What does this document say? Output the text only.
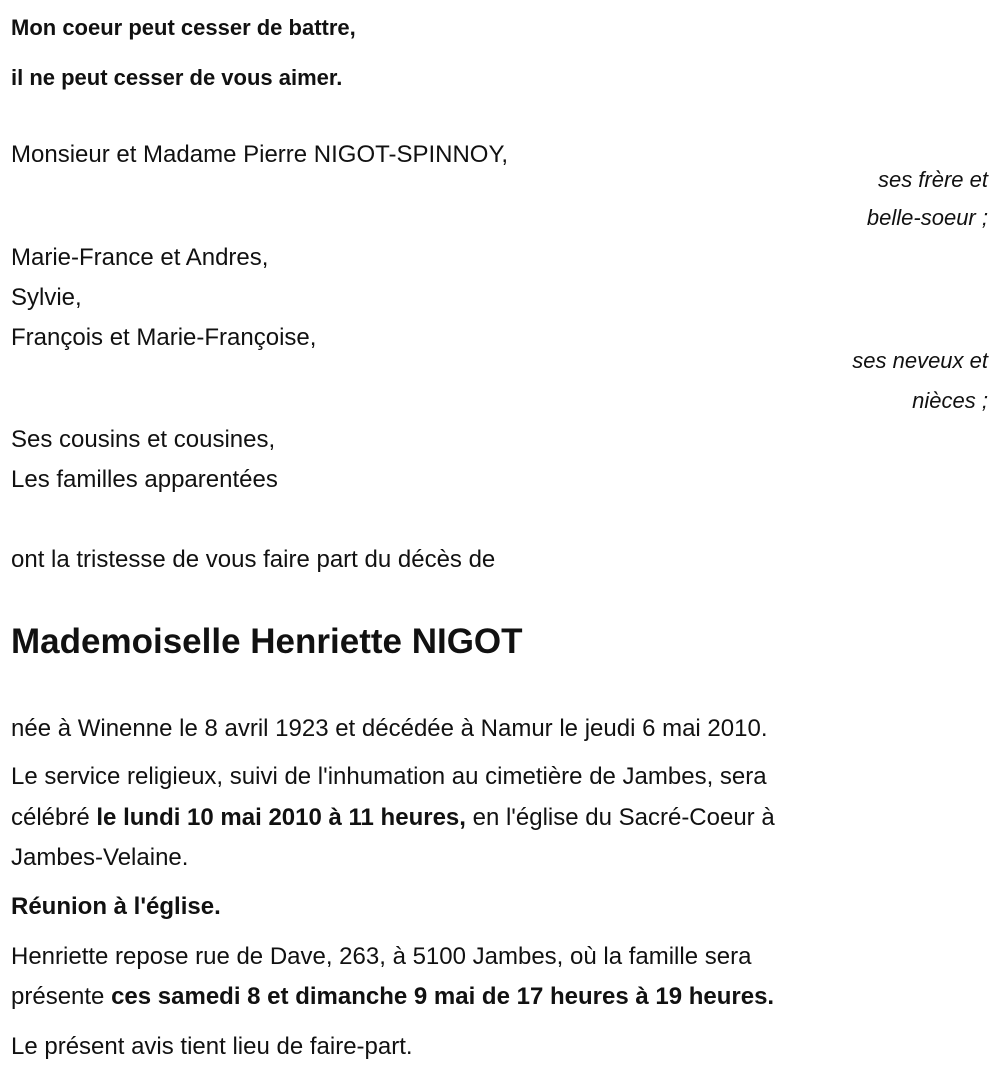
Mon coeur peut cesser de battre,
il ne peut cesser de vous aimer.
Monsieur et Madame Pierre NIGOT-SPINNOY,
ses frère et
belle-soeur ;
Marie-France et Andres,
Sylvie,
François et Marie-Françoise,
ses neveux et
nièces ;
Ses cousins et cousines,
Les familles apparentées
ont la tristesse de vous faire part du décès de
Mademoiselle Henriette NIGOT
née à Winenne le 8 avril 1923 et décédée à Namur le jeudi 6 mai 2010.
Le service religieux, suivi de l'inhumation au cimetière de Jambes, sera
célébré le lundi 10 mai 2010 à 11 heures, en l'église du Sacré-Coeur à
Jambes-Velaine.
Réunion à l'église.
Henriette repose rue de Dave, 263, à 5100 Jambes, où la famille sera
présente ces samedi 8 et dimanche 9 mai de 17 heures à 19 heures.
Le présent avis tient lieu de faire-part.
